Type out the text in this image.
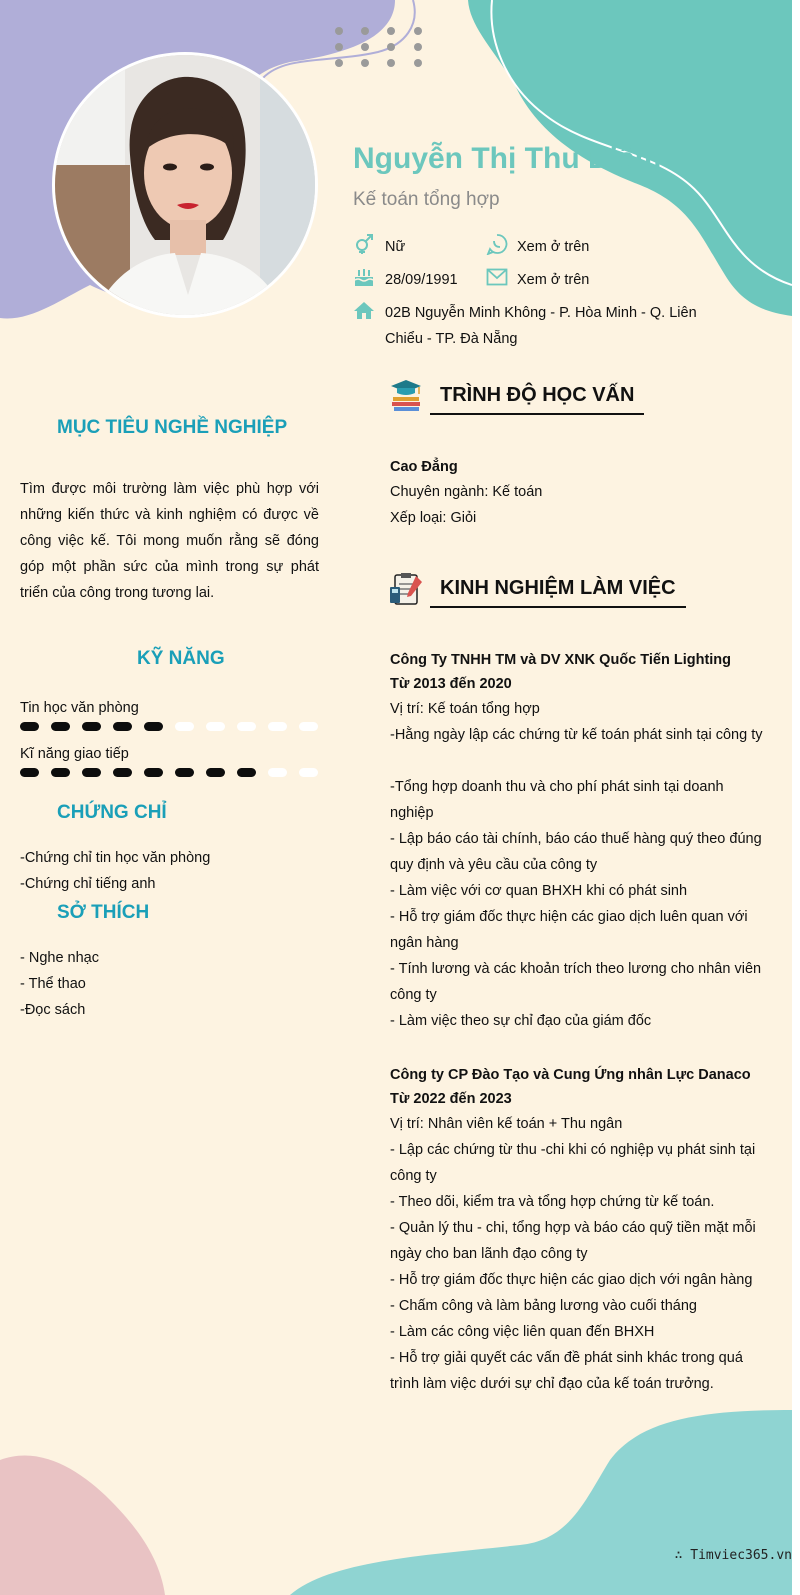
Nguyễn Thị Thu Diễm
Kế toán tổng hợp
Nữ	Xem ở trên
28/09/1991	Xem ở trên
02B Nguyễn Minh Không - P. Hòa Minh - Q. Liên Chiểu - TP. Đà Nẵng
MỤC TIÊU NGHỀ NGHIỆP
Tìm được môi trường làm việc phù hợp với những kiến thức và kinh nghiệm có được về công việc kế. Tôi mong muốn rằng sẽ đóng góp một phần sức của mình trong sự phát triển của công trong tương lai.
KỸ NĂNG
Tin học văn phòng
Kĩ năng giao tiếp
CHỨNG CHỈ
-Chứng chỉ tin học văn phòng
-Chứng chỉ tiếng anh
SỞ THÍCH
- Nghe nhạc
- Thể thao
-Đọc sách
TRÌNH ĐỘ HỌC VẤN
Cao Đẳng
Chuyên ngành: Kế toán
Xếp loại: Giỏi
KINH NGHIỆM LÀM VIỆC
Công Ty TNHH TM và DV XNK Quốc Tiến Lighting
Từ 2013 đến 2020
Vị trí: Kế toán tổng hợp
-Hằng ngày lập các chứng từ kế toán phát sinh tại công ty
-Tổng hợp doanh thu và cho phí phát sinh tại doanh nghiệp
- Lập báo cáo tài chính, báo cáo thuế hàng quý theo đúng quy định và yêu cầu của công ty
- Làm việc với cơ quan BHXH khi có phát sinh
- Hỗ trợ giám đốc thực hiện các giao dịch luên quan với ngân hàng
- Tính lương và các khoản trích theo lương cho nhân viên công ty
- Làm việc theo sự chỉ đạo của giám đốc
Công ty CP Đào Tạo và Cung Ứng nhân Lực Danaco
Từ 2022 đến 2023
Vị trí: Nhân viên kế toán + Thu ngân
- Lập các chứng từ thu -chi khi có nghiệp vụ phát sinh tại công ty
- Theo dõi, kiểm tra và tổng hợp chứng từ kế toán.
- Quản lý thu - chi, tổng hợp và báo cáo quỹ tiền mặt mỗi ngày cho ban lãnh đạo công ty
- Hỗ trợ giám đốc thực hiện các giao dịch với ngân hàng
- Chấm công và làm bảng lương vào cuối tháng
- Làm các công việc liên quan đến BHXH
- Hỗ trợ giải quyết các vấn đề phát sinh khác trong quá trình làm việc dưới sự chỉ đạo của kế toán trưởng.
∴ Timviec365.vn
